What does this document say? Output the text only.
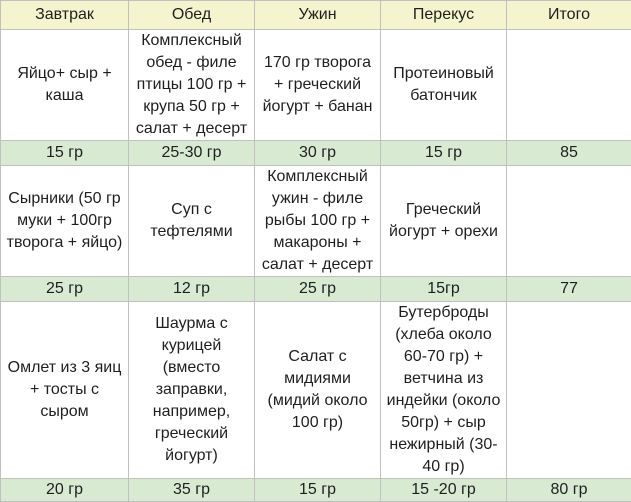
Завтрак	Обед	Ужин	Перекус	Итого
Яйцо+ сыр + каша	Комплексный обед - филе птицы 100 гр + крупа 50 гр + салат + десерт	170 гр творога + греческий йогурт + банан	Протеиновый батончик	
15 гр	25-30 гр	30 гр	15 гр	85
Сырники (50 гр муки + 100гр творога + яйцо)	Суп с тефтелями	Комплексный ужин - филе рыбы 100 гр + макароны + салат + десерт	Греческий йогурт + орехи	
25 гр	12 гр	25 гр	15гр	77
Омлет из 3 яиц + тосты с сыром	Шаурма с курицей (вместо заправки, например, греческий йогурт)	Салат с мидиями (мидий около 100 гр)	Бутерброды (хлеба около 60-70 гр) + ветчина из индейки (около 50гр) + сыр нежирный (30-40 гр)	
20 гр	35 гр	15 гр	15 -20 гр	80 гр
